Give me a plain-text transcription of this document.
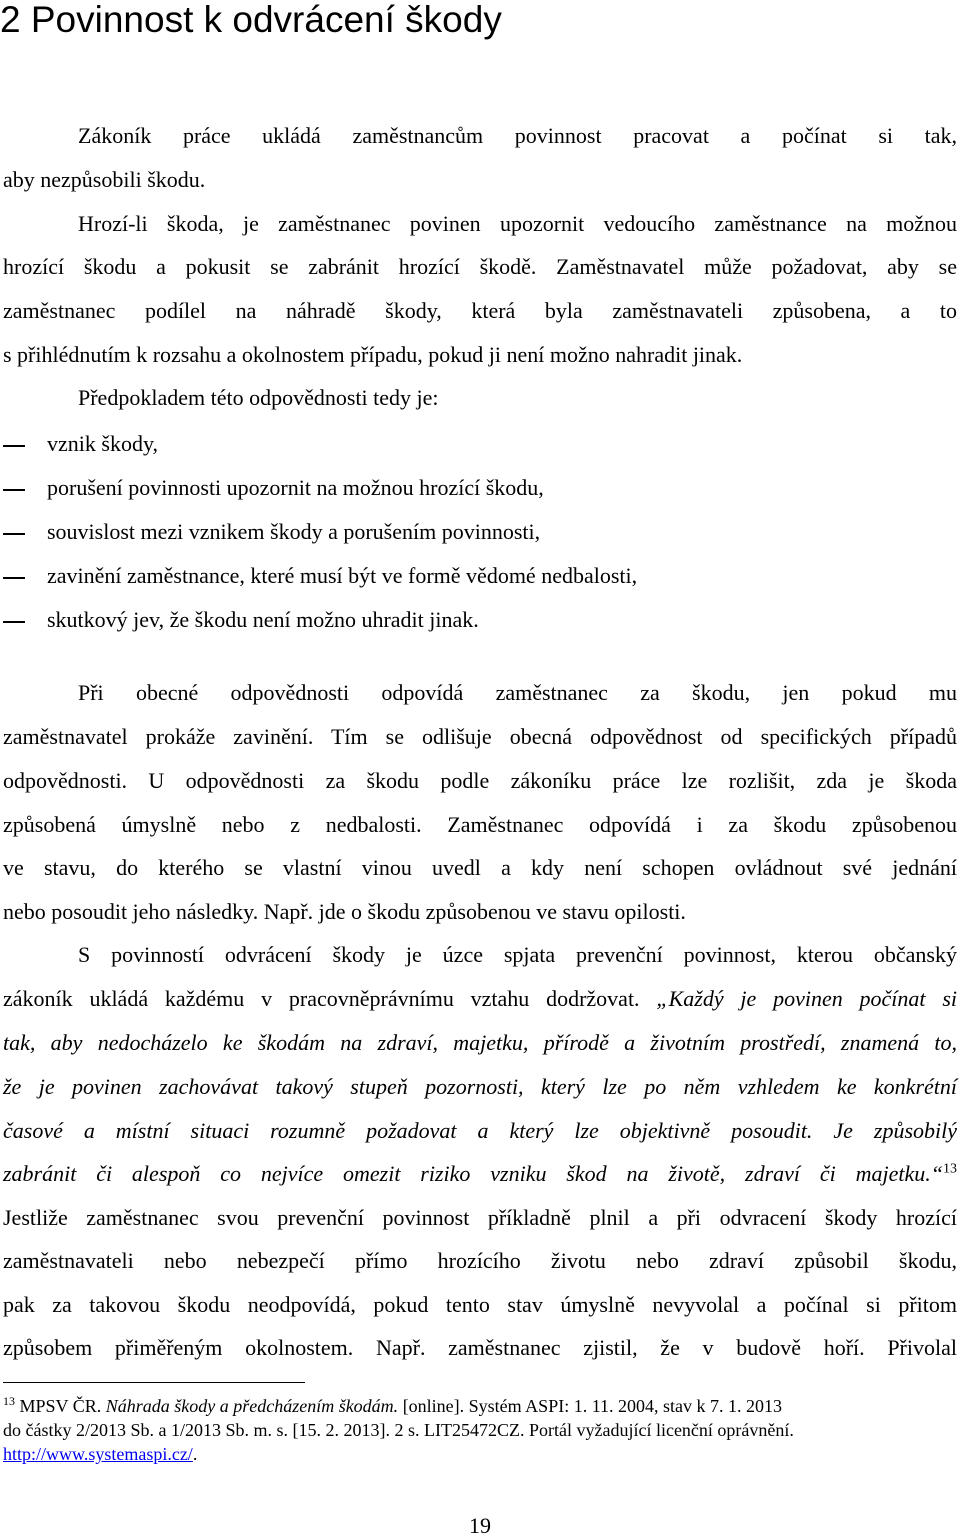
2 Povinnost k odvrácení škody

Zákoník práce ukládá zaměstnancům povinnost pracovat a počínat si tak,

aby nezpůsobili škodu.

Hrozí-li škoda, je zaměstnanec povinen upozornit vedoucího zaměstnance na možnou

hrozící škodu a pokusit se zabránit hrozící škodě. Zaměstnavatel může požadovat, aby se

zaměstnanec podílel na náhradě škody, která byla zaměstnavateli způsobena, a to

s přihlédnutím k rozsahu a okolnostem případu, pokud ji není možno nahradit jinak.

Předpokladem této odpovědnosti tedy je:

vznik škody,

porušení povinnosti upozornit na možnou hrozící škodu,

souvislost mezi vznikem škody a porušením povinnosti,

zavinění zaměstnance, které musí být ve formě vědomé nedbalosti,

skutkový jev, že škodu není možno uhradit jinak.

Při obecné odpovědnosti odpovídá zaměstnanec za škodu, jen pokud mu

zaměstnavatel prokáže zavinění. Tím se odlišuje obecná odpovědnost od specifických případů

odpovědnosti. U odpovědnosti za škodu podle zákoníku práce lze rozlišit, zda je škoda

způsobená úmyslně nebo z nedbalosti. Zaměstnanec odpovídá i za škodu způsobenou

ve stavu, do kterého se vlastní vinou uvedl a kdy není schopen ovládnout své jednání

nebo posoudit jeho následky. Např. jde o škodu způsobenou ve stavu opilosti.

S povinností odvrácení škody je úzce spjata prevenční povinnost, kterou občanský

zákoník ukládá každému v pracovněprávnímu vztahu dodržovat. „Každý je povinen počínat si

tak, aby nedocházelo ke škodám na zdraví, majetku, přírodě a životním prostředí, znamená to,

že je povinen zachovávat takový stupeň pozornosti, který lze po něm vzhledem ke konkrétní

časové a místní situaci rozumně požadovat a který lze objektivně posoudit. Je způsobilý

zabránit či alespoň co nejvíce omezit riziko vzniku škod na životě, zdraví či majetku.“$^{13}$

Jestliže zaměstnanec svou prevenční povinnost příkladně plnil a při odvracení škody hrozící

zaměstnavateli nebo nebezpečí přímo hrozícího životu nebo zdraví způsobil škodu,

pak za takovou škodu neodpovídá, pokud tento stav úmyslně nevyvolal a počínal si přitom

způsobem přiměřeným okolnostem. Např. zaměstnanec zjistil, že v budově hoří. Přivolal

$^{13}$ MPSV ČR. Náhrada škody a předcházením škodám. [online]. Systém ASPI: 1. 11. 2004, stav k 7. 1. 2013

do částky 2/2013 Sb. a 1/2013 Sb. m. s. [15. 2. 2013]. 2 s. LIT25472CZ. Portál vyžadující licenční oprávnění.

http://www.systemaspi.cz/.

19
